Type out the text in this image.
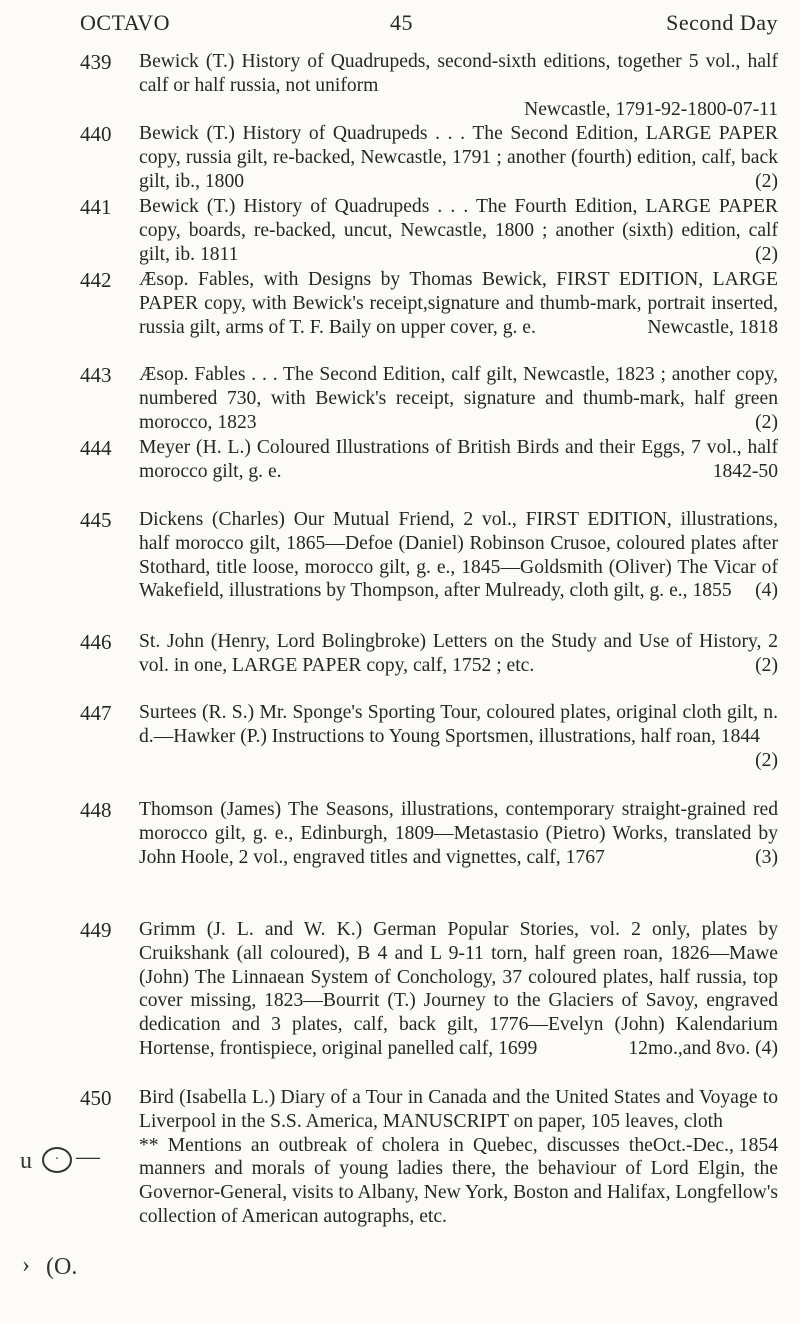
OCTAVO	45	Second Day
u	· —
› (O.
439	Bewick (T.) History of Quadrupeds, second-sixth editions, together 5 vol., half calf or half russia, not uniform
Newcastle, 1791-92-1800-07-11
440	Bewick (T.) History of Quadrupeds . . . The Second Edition, LARGE PAPER copy, russia gilt, re-backed, Newcastle, 1791 ; another (fourth) edition, calf, back gilt, ib., 1800	(2)
441	Bewick (T.) History of Quadrupeds . . . The Fourth Edition, LARGE PAPER copy, boards, re-backed, uncut, Newcastle, 1800 ; another (sixth) edition, calf gilt, ib. 1811	(2)
442	Æsop. Fables, with Designs by Thomas Bewick, FIRST EDITION, LARGE PAPER copy, with Bewick's receipt,signature and thumb-mark, portrait inserted, russia gilt, arms of T. F. Baily on upper cover, g. e.	Newcastle, 1818
443	Æsop. Fables . . . The Second Edition, calf gilt, Newcastle, 1823 ; another copy, numbered 730, with Bewick's receipt, signature and thumb-mark, half green morocco, 1823	(2)
444	Meyer (H. L.) Coloured Illustrations of British Birds and their Eggs, 7 vol., half morocco gilt, g. e.	1842-50
445	Dickens (Charles) Our Mutual Friend, 2 vol., FIRST EDITION, illustrations, half morocco gilt, 1865—Defoe (Daniel) Robinson Crusoe, coloured plates after Stothard, title loose, morocco gilt, g. e., 1845—Goldsmith (Oliver) The Vicar of Wakefield, illustrations by Thompson, after Mulready, cloth gilt, g. e., 1855 (4)
446	St. John (Henry, Lord Bolingbroke) Letters on the Study and Use of History, 2 vol. in one, LARGE PAPER copy, calf, 1752 ; etc.	(2)
447	Surtees (R. S.) Mr. Sponge's Sporting Tour, coloured plates, original cloth gilt, n. d.—Hawker (P.) Instructions to Young Sportsmen, illustrations, half roan, 1844
(2)
448	Thomson (James) The Seasons, illustrations, contemporary straight-grained red morocco gilt, g. e., Edinburgh, 1809—Metastasio (Pietro) Works, translated by John Hoole, 2 vol., engraved titles and vignettes, calf, 1767	(3)
449	Grimm (J. L. and W. K.) German Popular Stories, vol. 2 only, plates by Cruikshank (all coloured), B 4 and L 9-11 torn, half green roan, 1826—Mawe (John) The Linnaean System of Conchology, 37 coloured plates, half russia, top cover missing, 1823—Bourrit (T.) Journey to the Glaciers of Savoy, engraved dedication and 3 plates, calf, back gilt, 1776—Evelyn (John) Kalendarium Hortense, frontispiece, original panelled calf, 1699	12mo.,and 8vo. (4)
450	Bird (Isabella L.) Diary of a Tour in Canada and the United States and Voyage to Liverpool in the S.S. America, MANUSCRIPT on paper, 105 leaves, cloth
Oct.-Dec., 1854
** Mentions an outbreak of cholera in Quebec, discusses the manners and morals of young ladies there, the behaviour of Lord Elgin, the Governor-General, visits to Albany, New York, Boston and Halifax, Longfellow's collection of American autographs, etc.
